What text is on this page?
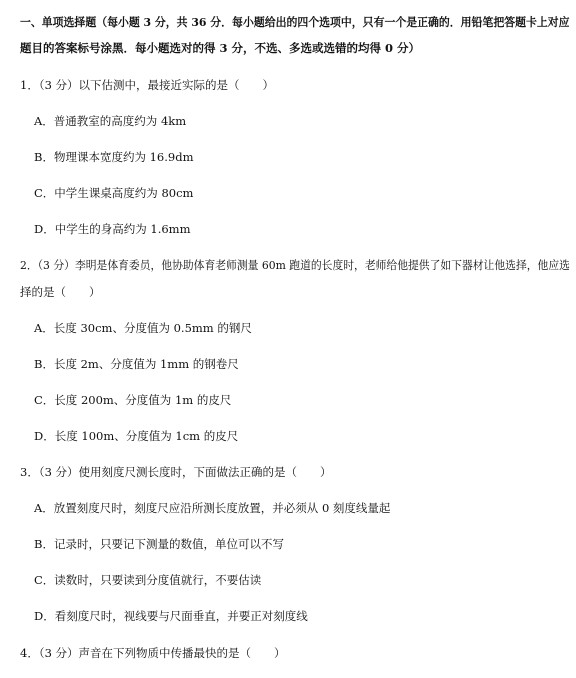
一、单项选择题（每小题 3 分，共 36 分．每小题给出的四个选项中，只有一个是正确的．用铅笔把答题卡上对应
题目的答案标号涂黑．每小题选对的得 3 分，不选、多选或选错的均得 0 分）
1．（3 分）以下估测中，最接近实际的是（　　）
A．普通教室的高度约为 4km
B．物理课本宽度约为 16.9dm
C．中学生课桌高度约为 80cm
D．中学生的身高约为 1.6mm
2．（3 分）李明是体育委员，他协助体育老师测量 60m 跑道的长度时，老师给他提供了如下器材让他选择，他应选
择的是（　　）
A．长度 30cm、分度值为 0.5mm 的钢尺
B．长度 2m、分度值为 1mm 的钢卷尺
C．长度 200m、分度值为 1m 的皮尺
D．长度 100m、分度值为 1cm 的皮尺
3．（3 分）使用刻度尺测长度时，下面做法正确的是（　　）
A．放置刻度尺时，刻度尺应沿所测长度放置，并必须从 0 刻度线量起
B．记录时，只要记下测量的数值，单位可以不写
C．读数时，只要读到分度值就行，不要估读
D．看刻度尺时，视线要与尺面垂直，并要正对刻度线
4．（3 分）声音在下列物质中传播最快的是（　　）
